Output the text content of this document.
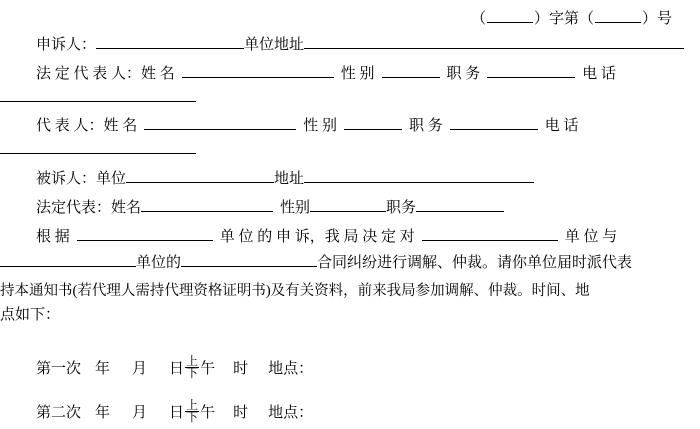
（	）字第（	）号
申诉人：	单位地址
法 定 代 表 人：姓 名	性 别	职 务	电 话
代 表 人：姓 名	性 别	职 务	电 话
被诉人：单位	地址
法定代表：姓名	性别	职务
根 据	单 位 的 申 诉，我 局 决 定 对	单 位 与
单位的	合同纠纷进行调解、仲裁。请你单位届时派代表
持本通知书(若代理人需持代理资格证明书)及有关资料，前来我局参加调解、仲裁。时间、地
点如下：
第一次 年 月 日 上
下 午 时 地点：
第二次 年 月 日 上
下 午 时 地点：
